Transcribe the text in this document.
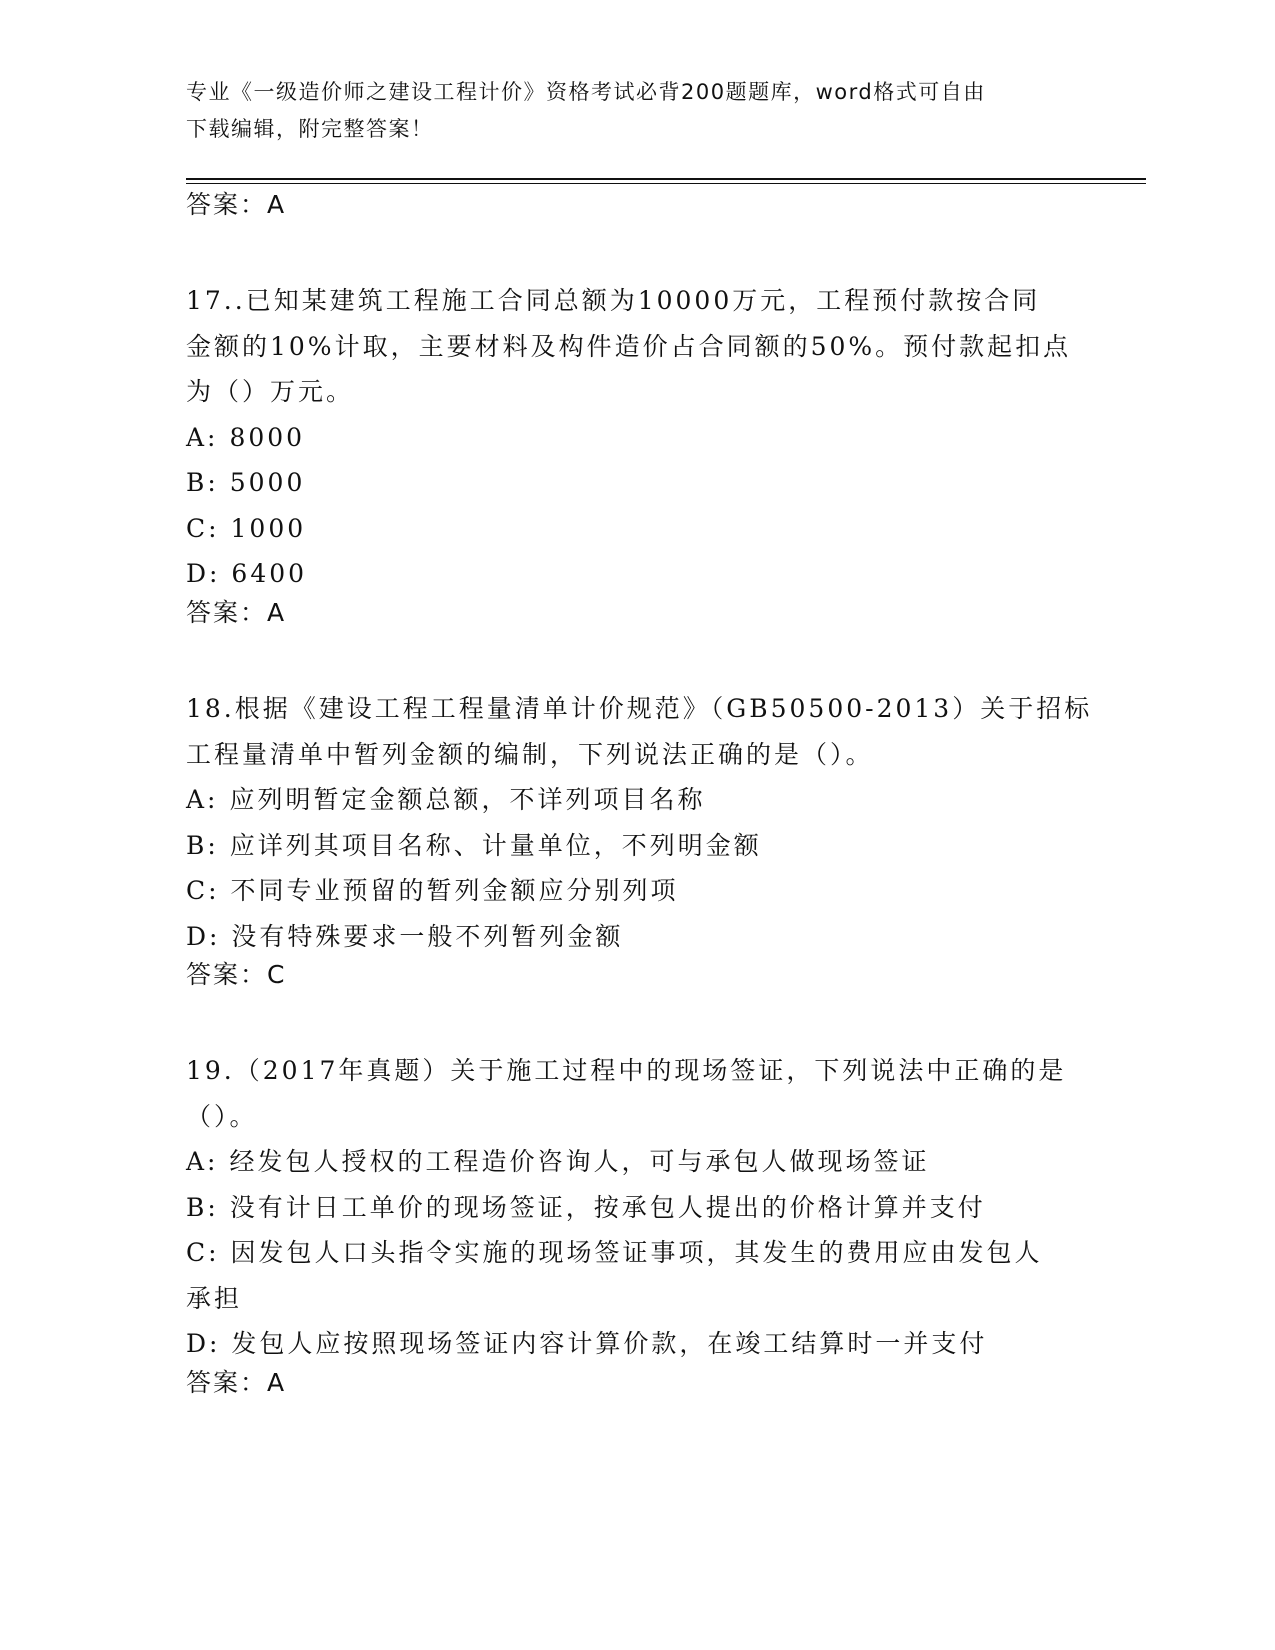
专业《一级造价师之建设工程计价》资格考试必背200题题库，word格式可自由
下载编辑，附完整答案！
答案：A
17..已知某建筑工程施工合同总额为10000万元，工程预付款按合同
金额的10%计取，主要材料及构件造价占合同额的50%。预付款起扣点
为（）万元。
A: 8000
B: 5000
C: 1000
D: 6400
答案：A
18.根据《建设工程工程量清单计价规范》（GB50500-2013）关于招标
工程量清单中暂列金额的编制，下列说法正确的是（）。
A: 应列明暂定金额总额，不详列项目名称
B: 应详列其项目名称、计量单位，不列明金额
C: 不同专业预留的暂列金额应分别列项
D: 没有特殊要求一般不列暂列金额
答案：C
19.（2017年真题）关于施工过程中的现场签证，下列说法中正确的是
（）。
A: 经发包人授权的工程造价咨询人，可与承包人做现场签证
B: 没有计日工单价的现场签证，按承包人提出的价格计算并支付
C: 因发包人口头指令实施的现场签证事项，其发生的费用应由发包人
承担
D: 发包人应按照现场签证内容计算价款，在竣工结算时一并支付
答案：A
